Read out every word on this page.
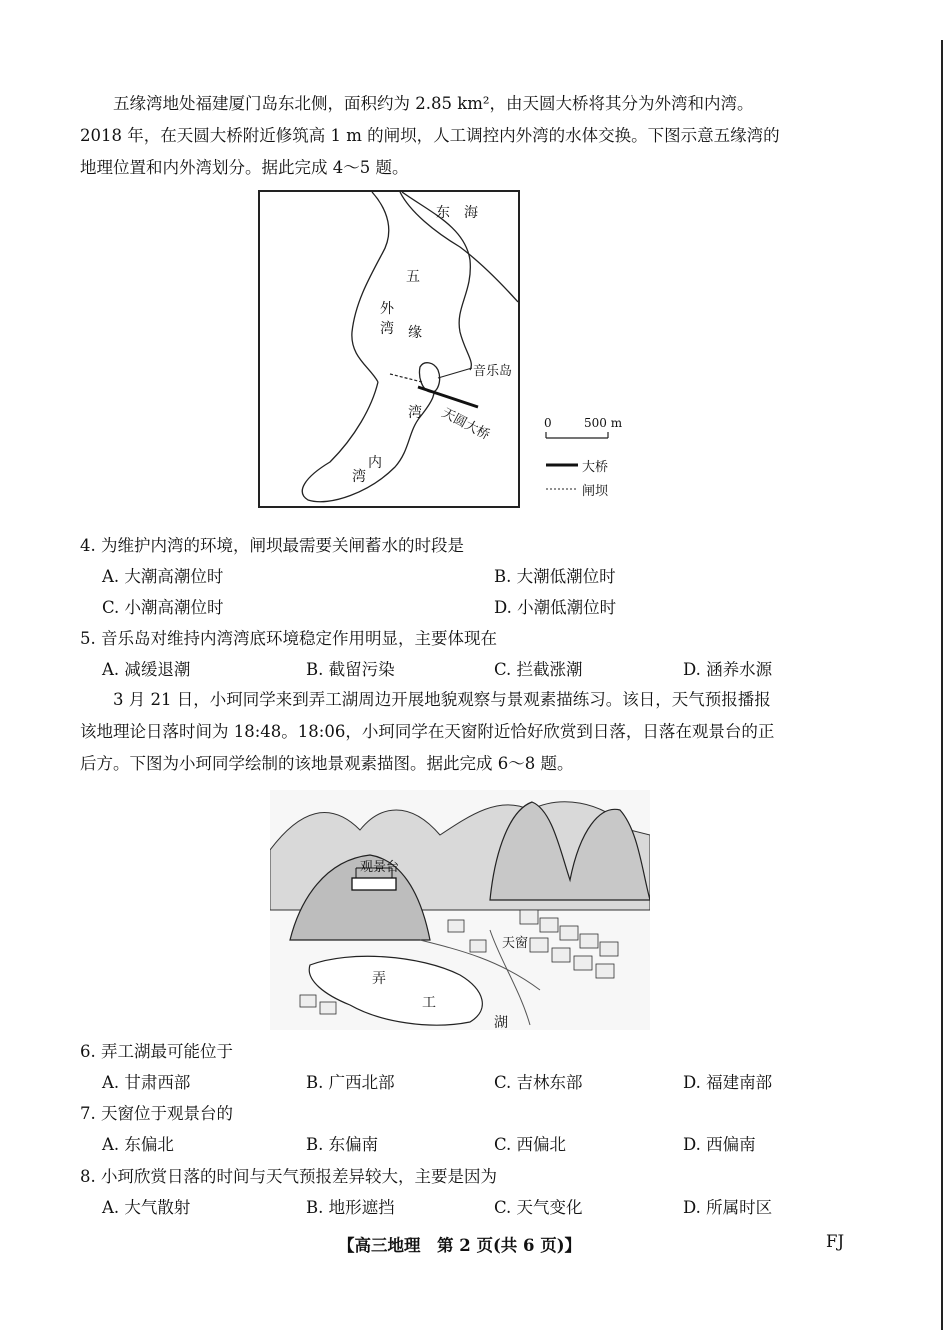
五缘湾地处福建厦门岛东北侧，面积约为 2.85 km²，由天圆大桥将其分为外湾和内湾。

2018 年，在天圆大桥附近修筑高 1 m 的闸坝，人工调控内外湾的水体交换。下图示意五缘湾的

地理位置和内外湾划分。据此完成 4～5 题。

东　海
五
外
湾 缘
音乐岛
湾 天圆大桥
内
湾
0	500 m
大桥
闸坝
4. 为维护内湾的环境，闸坝最需要关闸蓄水的时段是
A. 大潮高潮位时	B. 大潮低潮位时
C. 小潮高潮位时	D. 小潮低潮位时
5. 音乐岛对维持内湾湾底环境稳定作用明显，主要体现在
A. 减缓退潮	B. 截留污染	C. 拦截涨潮	D. 涵养水源

3 月 21 日，小珂同学来到弄工湖周边开展地貌观察与景观素描练习。该日，天气预报播报

该地理论日落时间为 18:48。18:06，小珂同学在天窗附近恰好欣赏到日落，日落在观景台的正

后方。下图为小珂同学绘制的该地景观素描图。据此完成 6～8 题。

观景台
天窗
弄
工
湖
6. 弄工湖最可能位于
A. 甘肃西部	B. 广西北部	C. 吉林东部	D. 福建南部
7. 天窗位于观景台的
A. 东偏北	B. 东偏南	C. 西偏北	D. 西偏南
8. 小珂欣赏日落的时间与天气预报差异较大，主要是因为
A. 大气散射	B. 地形遮挡	C. 天气变化	D. 所属时区
【高三地理　第 2 页(共 6 页)】	FJ
